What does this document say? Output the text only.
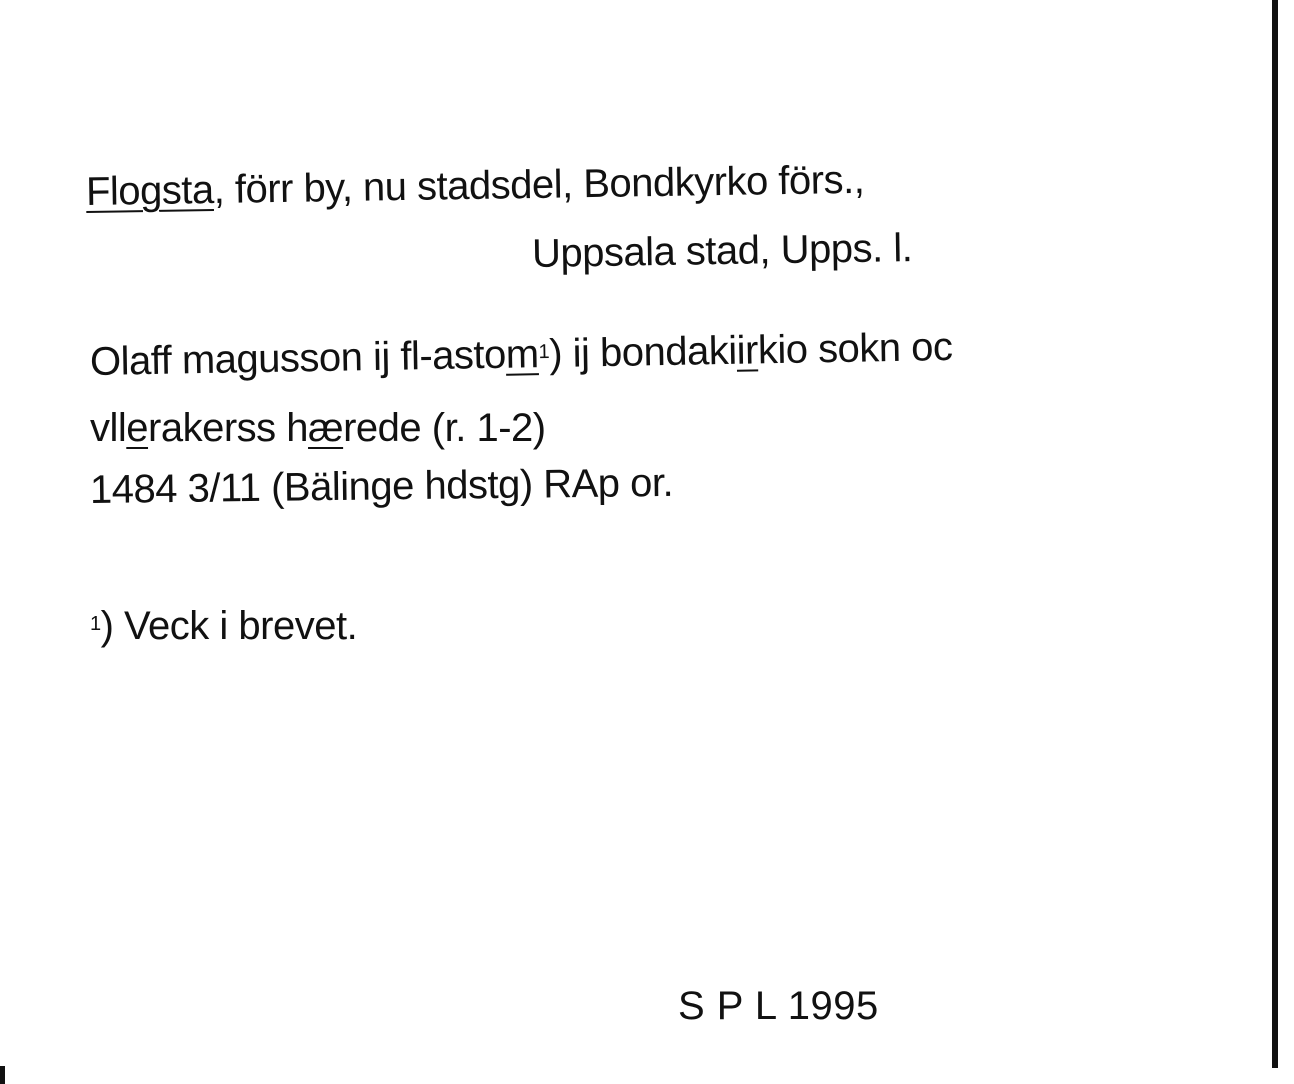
Flogsta, förr by, nu stadsdel, Bondkyrko förs.,
Uppsala stad, Upps. l.
Olaff magusson ij fl-astom$^1$) ij bondakiirkio sokn oc
vllerakerss hærede (r. 1-2)
1484 3/11 (Bälinge hdstg) RAp or.
$^1$) Veck i brevet.
S P L 1995
